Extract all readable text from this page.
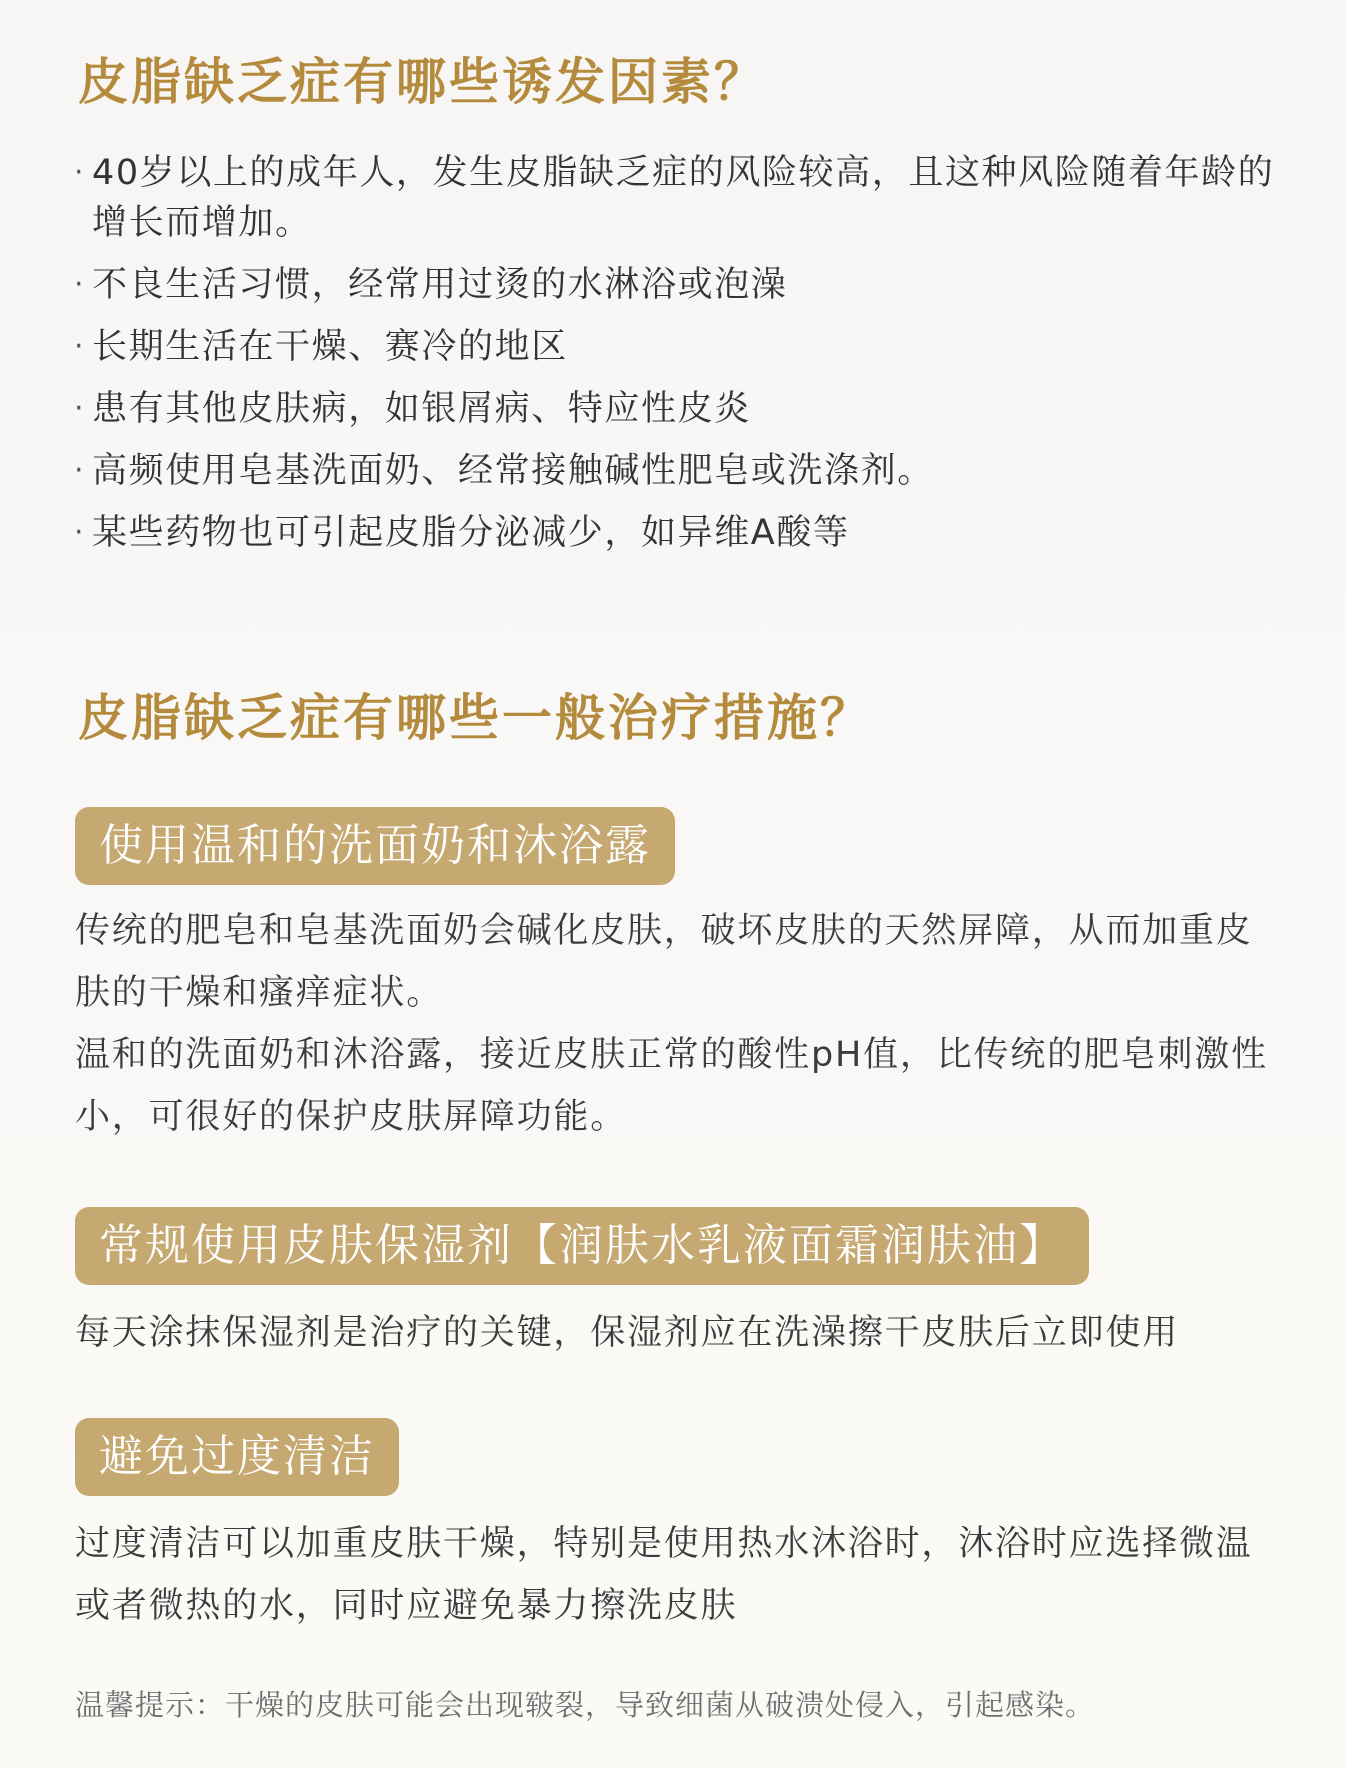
皮脂缺乏症有哪些诱发因素？
· 40岁以上的成年人，发生皮脂缺乏症的风险较高，且这种风险随着年龄的增长而增加。
· 不良生活习惯，经常用过烫的水淋浴或泡澡
· 长期生活在干燥、赛冷的地区
· 患有其他皮肤病，如银屑病、特应性皮炎
· 高频使用皂基洗面奶、经常接触碱性肥皂或洗涤剂。
· 某些药物也可引起皮脂分泌减少，如异维A酸等
皮脂缺乏症有哪些一般治疗措施？
使用温和的洗面奶和沐浴露

传统的肥皂和皂基洗面奶会碱化皮肤，破坏皮肤的天然屏障，从而加重皮肤的干燥和瘙痒症状。

温和的洗面奶和沐浴露，接近皮肤正常的酸性pH值，比传统的肥皂刺激性小，可很好的保护皮肤屏障功能。

常规使用皮肤保湿剂【润肤水乳液面霜润肤油】

每天涂抹保湿剂是治疗的关键，保湿剂应在洗澡擦干皮肤后立即使用

避免过度清洁

过度清洁可以加重皮肤干燥，特别是使用热水沐浴时，沐浴时应选择微温或者微热的水，同时应避免暴力擦洗皮肤

温馨提示：干燥的皮肤可能会出现皲裂，导致细菌从破溃处侵入，引起感染。
